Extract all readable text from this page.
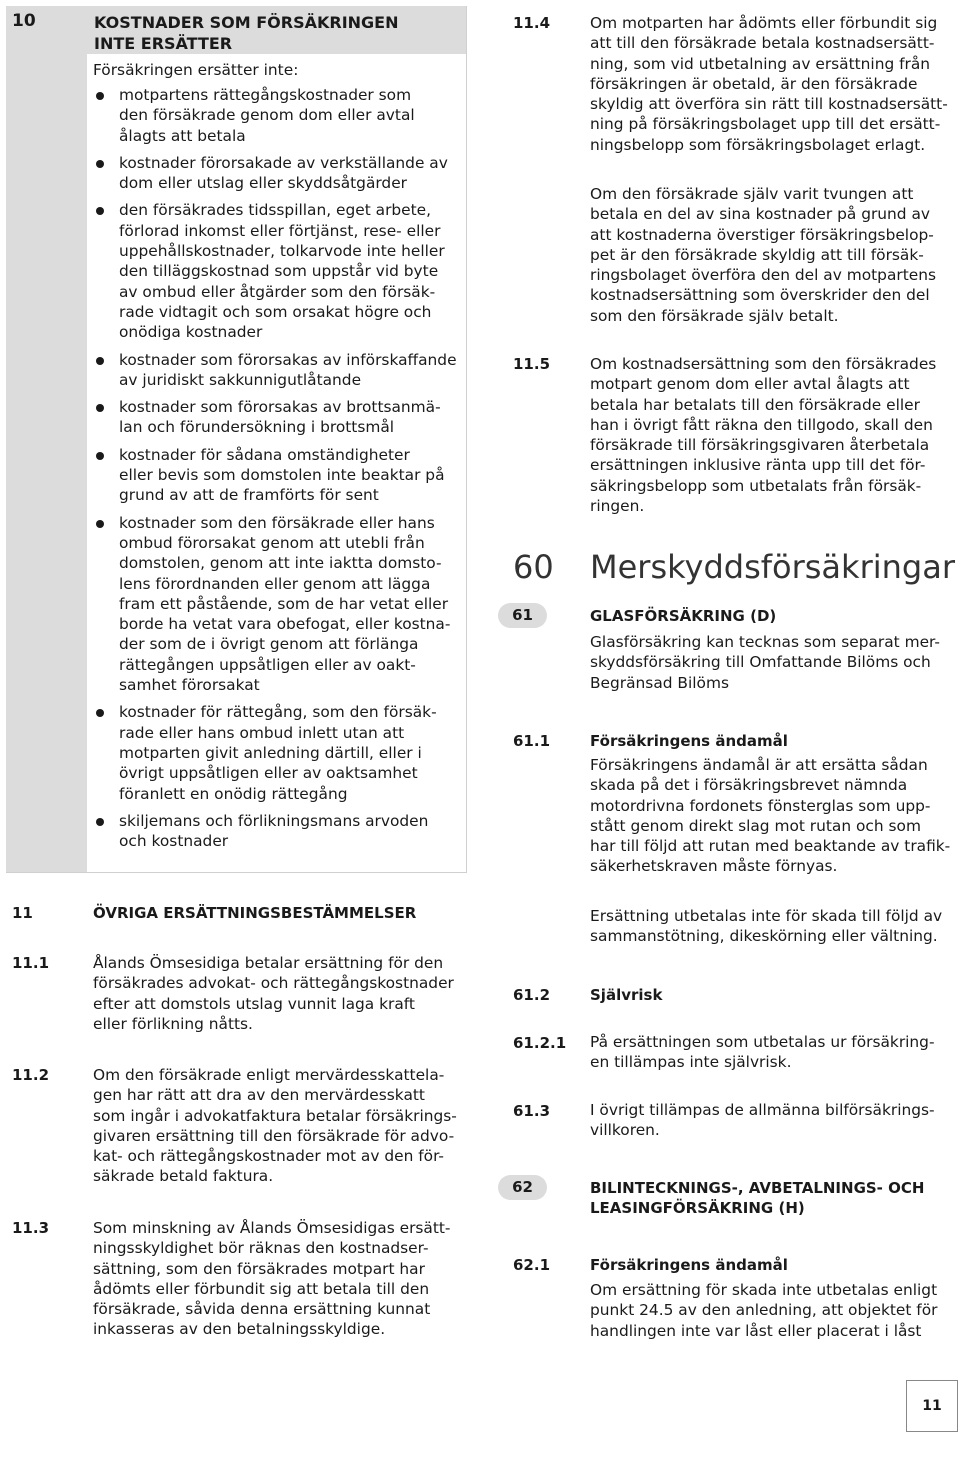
10	KOSTNADER SOM FÖRSÄKRINGEN
INTE ERSÄTTER
Försäkringen ersätter inte:
motpartens rättegångskostnader som
den försäkrade genom dom eller avtal
ålagts att betala
kostnader förorsakade av verkställande av
dom eller utslag eller skyddsåtgärder
den försäkrades tidsspillan, eget arbete,
förlorad inkomst eller förtjänst, rese- eller
uppehållskostnader, tolkarvode inte heller
den tilläggskostnad som uppstår vid byte
av ombud eller åtgärder som den försäk-
rade vidtagit och som orsakat högre och
onödiga kostnader
kostnader som förorsakas av införskaffande
av juridiskt sakkunnigutlåtande
kostnader som förorsakas av brottsanmä-
lan och förundersökning i brottsmål
kostnader för sådana omständigheter
eller bevis som domstolen inte beaktar på
grund av att de framförts för sent
kostnader som den försäkrade eller hans
ombud förorsakat genom att utebli från
domstolen, genom att inte iaktta domsto-
lens förordnanden eller genom att lägga
fram ett påstående, som de har vetat eller
borde ha vetat vara obefogat, eller kostna-
der som de i övrigt genom att förlänga
rättegången uppsåtligen eller av oakt-
samhet förorsakat
kostnader för rättegång, som den försäk-
rade eller hans ombud inlett utan att
motparten givit anledning därtill, eller i
övrigt uppsåtligen eller av oaktsamhet
föranlett en onödig rättegång
skiljemans och förlikningsmans arvoden
och kostnader
11	ÖVRIGA ERSÄTTNINGSBESTÄMMELSER
11.1	Ålands Ömsesidiga betalar ersättning för den
försäkrades advokat- och rättegångskostnader
efter att domstols utslag vunnit laga kraft
eller förlikning nåtts.
11.2	Om den försäkrade enligt mervärdesskattela-
gen har rätt att dra av den mervärdesskatt
som ingår i advokatfaktura betalar försäkrings-
givaren ersättning till den försäkrade för advo-
kat- och rättegångskostnader mot av den för-
säkrade betald faktura.
11.3	Som minskning av Ålands Ömsesidigas ersätt-
ningsskyldighet bör räknas den kostnadser-
sättning, som den försäkrades motpart har
ådömts eller förbundit sig att betala till den
försäkrade, såvida denna ersättning kunnat
inkasseras av den betalningsskyldige.
11.4	Om motparten har ådömts eller förbundit sig
att till den försäkrade betala kostnadsersätt-
ning, som vid utbetalning av ersättning från
försäkringen är obetald, är den försäkrade
skyldig att överföra sin rätt till kostnadsersätt-
ning på försäkringsbolaget upp till det ersätt-
ningsbelopp som försäkringsbolaget erlagt.
Om den försäkrade själv varit tvungen att
betala en del av sina kostnader på grund av
att kostnaderna överstiger försäkringsbelop-
pet är den försäkrade skyldig att till försäk-
ringsbolaget överföra den del av motpartens
kostnadsersättning som överskrider den del
som den försäkrade själv betalt.
11.5	Om kostnadsersättning som den försäkrades
motpart genom dom eller avtal ålagts att
betala har betalats till den försäkrade eller
han i övrigt fått räkna den tillgodo, skall den
försäkrade till försäkringsgivaren återbetala
ersättningen inklusive ränta upp till det för-
säkringsbelopp som utbetalats från försäk-
ringen.
60 Merskyddsförsäkringar
61	GLASFÖRSÄKRING (D)
Glasförsäkring kan tecknas som separat mer-
skyddsförsäkring till Omfattande Bilöms och
Begränsad Bilöms
61.1	Försäkringens ändamål
Försäkringens ändamål är att ersätta sådan
skada på det i försäkringsbrevet nämnda
motordrivna fordonets fönsterglas som upp-
stått genom direkt slag mot rutan och som
har till följd att rutan med beaktande av trafik-
säkerhetskraven måste förnyas.
Ersättning utbetalas inte för skada till följd av
sammanstötning, dikeskörning eller vältning.
61.2	Självrisk
61.2.1 På ersättningen som utbetalas ur försäkring-
en tillämpas inte självrisk.
61.3	I övrigt tillämpas de allmänna bilförsäkrings-
villkoren.
62	BILINTECKNINGS-, AVBETALNINGS- OCH
LEASINGFÖRSÄKRING (H)
62.1	Försäkringens ändamål
Om ersättning för skada inte utbetalas enligt
punkt 24.5 av den anledning, att objektet för
handlingen inte var låst eller placerat i låst
11
